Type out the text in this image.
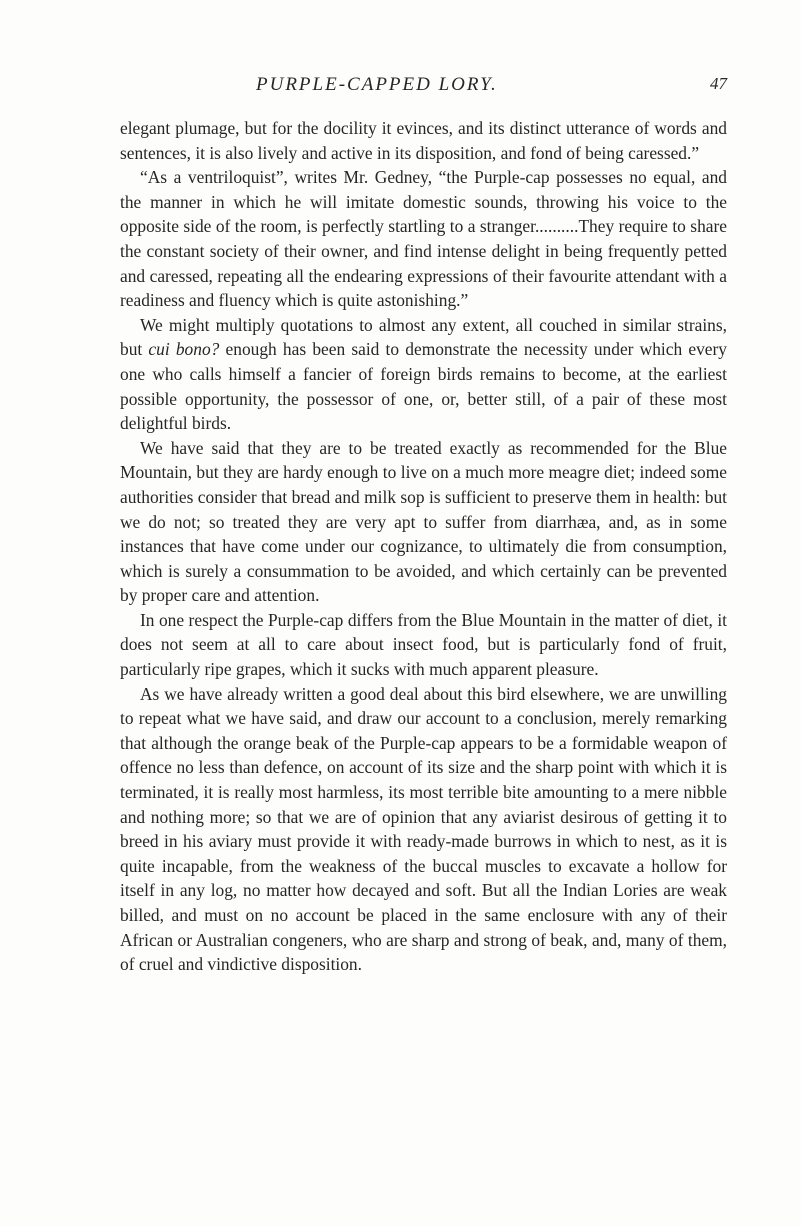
PURPLE-CAPPED LORY.	47

elegant plumage, but for the docility it evinces, and its distinct utterance of words and sentences, it is also lively and active in its disposition, and fond of being caressed.”

“As a ventriloquist”, writes Mr. Gedney, “the Purple-cap possesses no equal, and the manner in which he will imitate domestic sounds, throwing his voice to the opposite side of the room, is perfectly startling to a stranger..........They require to share the constant society of their owner, and find intense delight in being frequently petted and caressed, repeating all the endearing expressions of their favourite attendant with a readiness and fluency which is quite astonishing.”

We might multiply quotations to almost any extent, all couched in similar strains, but cui bono? enough has been said to demonstrate the necessity under which every one who calls himself a fancier of foreign birds remains to become, at the earliest possible opportunity, the possessor of one, or, better still, of a pair of these most delightful birds.

We have said that they are to be treated exactly as recommended for the Blue Mountain, but they are hardy enough to live on a much more meagre diet; indeed some authorities consider that bread and milk sop is sufficient to preserve them in health: but we do not; so treated they are very apt to suffer from diarrhæa, and, as in some instances that have come under our cognizance, to ultimately die from consumption, which is surely a consummation to be avoided, and which certainly can be prevented by proper care and attention.

In one respect the Purple-cap differs from the Blue Mountain in the matter of diet, it does not seem at all to care about insect food, but is particularly fond of fruit, particularly ripe grapes, which it sucks with much apparent pleasure.

As we have already written a good deal about this bird elsewhere, we are unwilling to repeat what we have said, and draw our account to a conclusion, merely remarking that although the orange beak of the Purple-cap appears to be a formidable weapon of offence no less than defence, on account of its size and the sharp point with which it is terminated, it is really most harmless, its most terrible bite amounting to a mere nibble and nothing more; so that we are of opinion that any aviarist desirous of getting it to breed in his aviary must provide it with ready-made burrows in which to nest, as it is quite incapable, from the weakness of the buccal muscles to excavate a hollow for itself in any log, no matter how decayed and soft. But all the Indian Lories are weak billed, and must on no account be placed in the same enclosure with any of their African or Australian congeners, who are sharp and strong of beak, and, many of them, of cruel and vindictive disposition.
